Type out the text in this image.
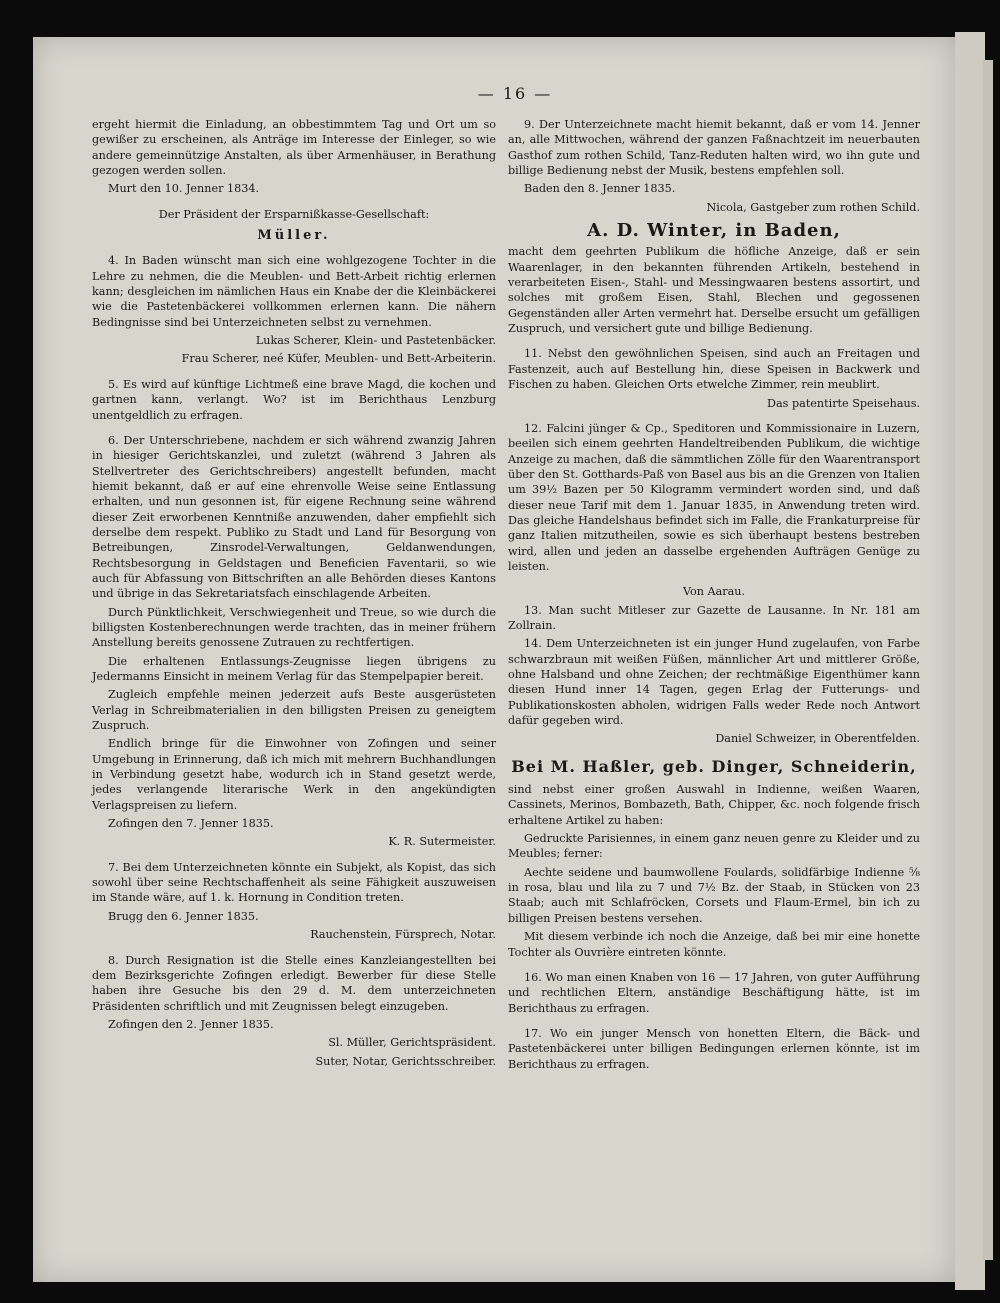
— 16 —

ergeht hiermit die Einladung, an obbestimmtem Tag und Ort um so gewißer zu erscheinen, als Anträge im Interesse der Einleger, so wie andere gemeinnützige Anstalten, als über Armenhäuser, in Berathung gezogen werden sollen.

Murt den 10. Jenner 1834.

Der Präsident der Ersparnißkasse-Gesellschaft:

Müller.

4. In Baden wünscht man sich eine wohlgezogene Tochter in die Lehre zu nehmen, die die Meublen- und Bett-Arbeit richtig erlernen kann; desgleichen im nämlichen Haus ein Knabe der die Kleinbäckerei wie die Pastetenbäckerei vollkommen erlernen kann. Die nähern Bedingnisse sind bei Unterzeichneten selbst zu vernehmen.

Lukas Scherer, Klein- und Pastetenbäcker.

Frau Scherer, neé Küfer, Meublen- und Bett-Arbeiterin.

5. Es wird auf künftige Lichtmeß eine brave Magd, die kochen und gartnen kann, verlangt. Wo? ist im Berichthaus Lenzburg unentgeldlich zu erfragen.

6. Der Unterschriebene, nachdem er sich während zwanzig Jahren in hiesiger Gerichtskanzlei, und zuletzt (während 3 Jahren als Stellvertreter des Gerichtschreibers) angestellt befunden, macht hiemit bekannt, daß er auf eine ehrenvolle Weise seine Entlassung erhalten, und nun gesonnen ist, für eigene Rechnung seine während dieser Zeit erworbenen Kenntniße anzuwenden, daher empfiehlt sich derselbe dem respekt. Publiko zu Stadt und Land für Besorgung von Betreibungen, Zinsrodel-Verwaltungen, Geldanwendungen, Rechtsbesorgung in Geldstagen und Beneficien Faventarii, so wie auch für Abfassung von Bittschriften an alle Behörden dieses Kantons und übrige in das Sekretariatsfach einschlagende Arbeiten.

Durch Pünktlichkeit, Verschwiegenheit und Treue, so wie durch die billigsten Kostenberechnungen werde trachten, das in meiner frühern Anstellung bereits genossene Zutrauen zu rechtfertigen.

Die erhaltenen Entlassungs-Zeugnisse liegen übrigens zu Jedermanns Einsicht in meinem Verlag für das Stempelpapier bereit.

Zugleich empfehle meinen jederzeit aufs Beste ausgerüsteten Verlag in Schreibmaterialien in den billigsten Preisen zu geneigtem Zuspruch.

Endlich bringe für die Einwohner von Zofingen und seiner Umgebung in Erinnerung, daß ich mich mit mehrern Buchhandlungen in Verbindung gesetzt habe, wodurch ich in Stand gesetzt werde, jedes verlangende literarische Werk in den angekündigten Verlagspreisen zu liefern.

Zofingen den 7. Jenner 1835.

K. R. Sutermeister.

7. Bei dem Unterzeichneten könnte ein Subjekt, als Kopist, das sich sowohl über seine Rechtschaffenheit als seine Fähigkeit auszuweisen im Stande wäre, auf 1. k. Hornung in Condition treten.

Brugg den 6. Jenner 1835.

Rauchenstein, Fürsprech, Notar.

8. Durch Resignation ist die Stelle eines Kanzleiangestellten bei dem Bezirksgerichte Zofingen erledigt. Bewerber für diese Stelle haben ihre Gesuche bis den 29 d. M. dem unterzeichneten Präsidenten schriftlich und mit Zeugnissen belegt einzugeben.

Zofingen den 2. Jenner 1835.

Sl. Müller, Gerichtspräsident.

Suter, Notar, Gerichtsschreiber.

9. Der Unterzeichnete macht hiemit bekannt, daß er vom 14. Jenner an, alle Mittwochen, während der ganzen Faßnachtzeit im neuerbauten Gasthof zum rothen Schild, Tanz-Reduten halten wird, wo ihn gute und billige Bedienung nebst der Musik, bestens empfehlen soll.

Baden den 8. Jenner 1835.

Nicola, Gastgeber zum rothen Schild.

A. D. Winter, in Baden,

macht dem geehrten Publikum die höfliche Anzeige, daß er sein Waarenlager, in den bekannten führenden Artikeln, bestehend in verarbeiteten Eisen-, Stahl- und Messingwaaren bestens assortirt, und solches mit großem Eisen, Stahl, Blechen und gegossenen Gegenständen aller Arten vermehrt hat. Derselbe ersucht um gefälligen Zuspruch, und versichert gute und billige Bedienung.

11. Nebst den gewöhnlichen Speisen, sind auch an Freitagen und Fastenzeit, auch auf Bestellung hin, diese Speisen in Backwerk und Fischen zu haben. Gleichen Orts etwelche Zimmer, rein meublirt.

Das patentirte Speisehaus.

12. Falcini jünger & Cp., Speditoren und Kommissionaire in Luzern, beeilen sich einem geehrten Handeltreibenden Publikum, die wichtige Anzeige zu machen, daß die sämmtlichen Zölle für den Waarentransport über den St. Gotthards-Paß von Basel aus bis an die Grenzen von Italien um 39½ Bazen per 50 Kilogramm vermindert worden sind, und daß dieser neue Tarif mit dem 1. Januar 1835, in Anwendung treten wird. Das gleiche Handelshaus befindet sich im Falle, die Frankaturpreise für ganz Italien mitzutheilen, sowie es sich überhaupt bestens bestreben wird, allen und jeden an dasselbe ergehenden Aufträgen Genüge zu leisten.

Von Aarau.

13. Man sucht Mitleser zur Gazette de Lausanne. In Nr. 181 am Zollrain.

14. Dem Unterzeichneten ist ein junger Hund zugelaufen, von Farbe schwarzbraun mit weißen Füßen, männlicher Art und mittlerer Größe, ohne Halsband und ohne Zeichen; der rechtmäßige Eigenthümer kann diesen Hund inner 14 Tagen, gegen Erlag der Futterungs- und Publikationskosten abholen, widrigen Falls weder Rede noch Antwort dafür gegeben wird.

Daniel Schweizer, in Oberentfelden.

Bei M. Haßler, geb. Dinger, Schneiderin,

sind nebst einer großen Auswahl in Indienne, weißen Waaren, Cassinets, Merinos, Bombazeth, Bath, Chipper, &c. noch folgende frisch erhaltene Artikel zu haben:

Gedruckte Parisiennes, in einem ganz neuen genre zu Kleider und zu Meubles; ferner:

Aechte seidene und baumwollene Foulards, solidfärbige Indienne ⅝ in rosa, blau und lila zu 7 und 7½ Bz. der Staab, in Stücken von 23 Staab; auch mit Schlafröcken, Corsets und Flaum-Ermel, bin ich zu billigen Preisen bestens versehen.

Mit diesem verbinde ich noch die Anzeige, daß bei mir eine honette Tochter als Ouvrière eintreten könnte.

16. Wo man einen Knaben von 16 — 17 Jahren, von guter Aufführung und rechtlichen Eltern, anständige Beschäftigung hätte, ist im Berichthaus zu erfragen.

17. Wo ein junger Mensch von honetten Eltern, die Bäck- und Pastetenbäckerei unter billigen Bedingungen erlernen könnte, ist im Berichthaus zu erfragen.
